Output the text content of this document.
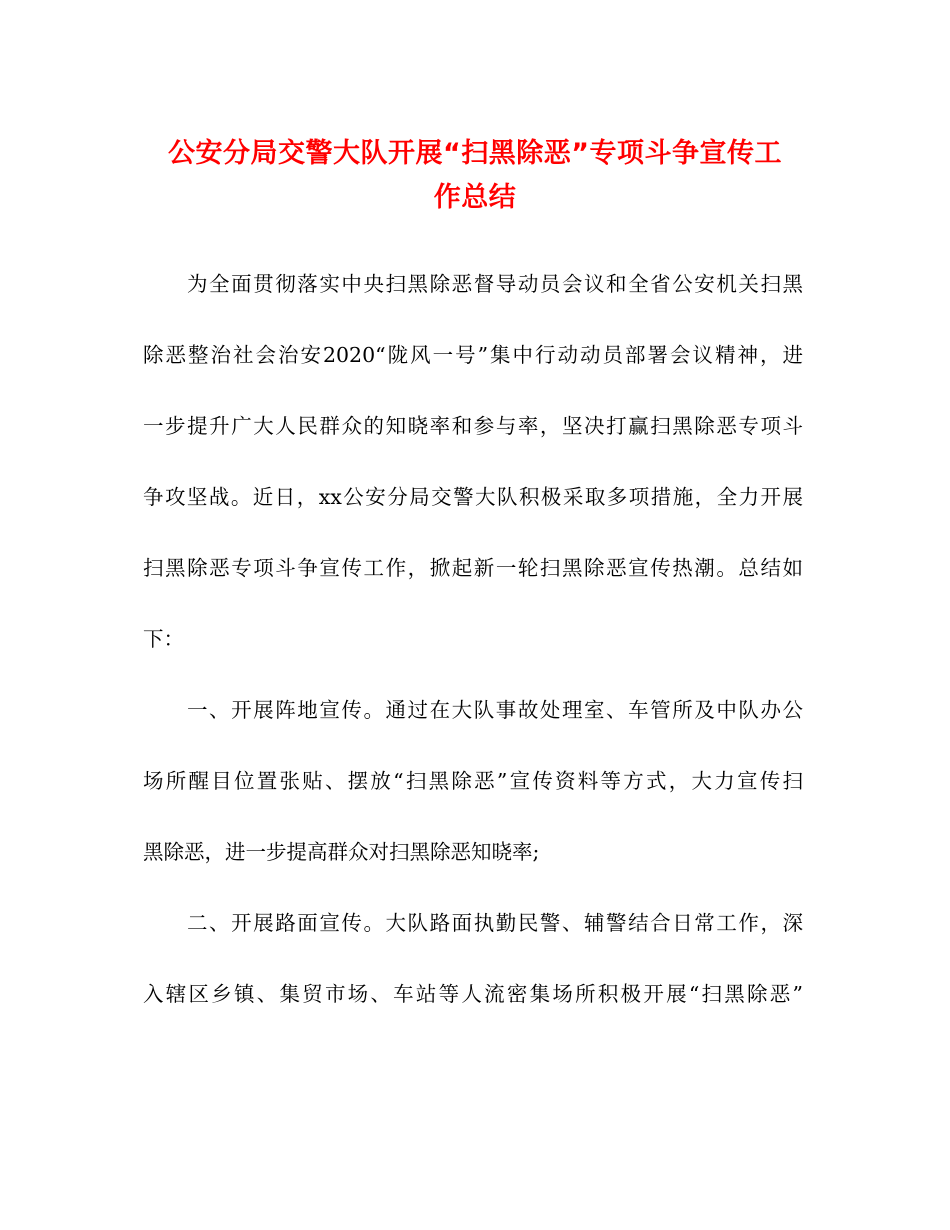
公安分局交警大队开展“扫黑除恶”专项斗争宣传工
作总结
为全面贯彻落实中央扫黑除恶督导动员会议和全省公安机关扫黑
除恶整治社会治安2020“陇风一号”集中行动动员部署会议精神，进
一步提升广大人民群众的知晓率和参与率，坚决打赢扫黑除恶专项斗
争攻坚战。近日，xx公安分局交警大队积极采取多项措施，全力开展
扫黑除恶专项斗争宣传工作，掀起新一轮扫黑除恶宣传热潮。总结如
下：
一、开展阵地宣传。通过在大队事故处理室、车管所及中队办公
场所醒目位置张贴、摆放“扫黑除恶”宣传资料等方式，大力宣传扫
黑除恶，进一步提高群众对扫黑除恶知晓率;
二、开展路面宣传。大队路面执勤民警、辅警结合日常工作，深
入辖区乡镇、集贸市场、车站等人流密集场所积极开展“扫黑除恶”
